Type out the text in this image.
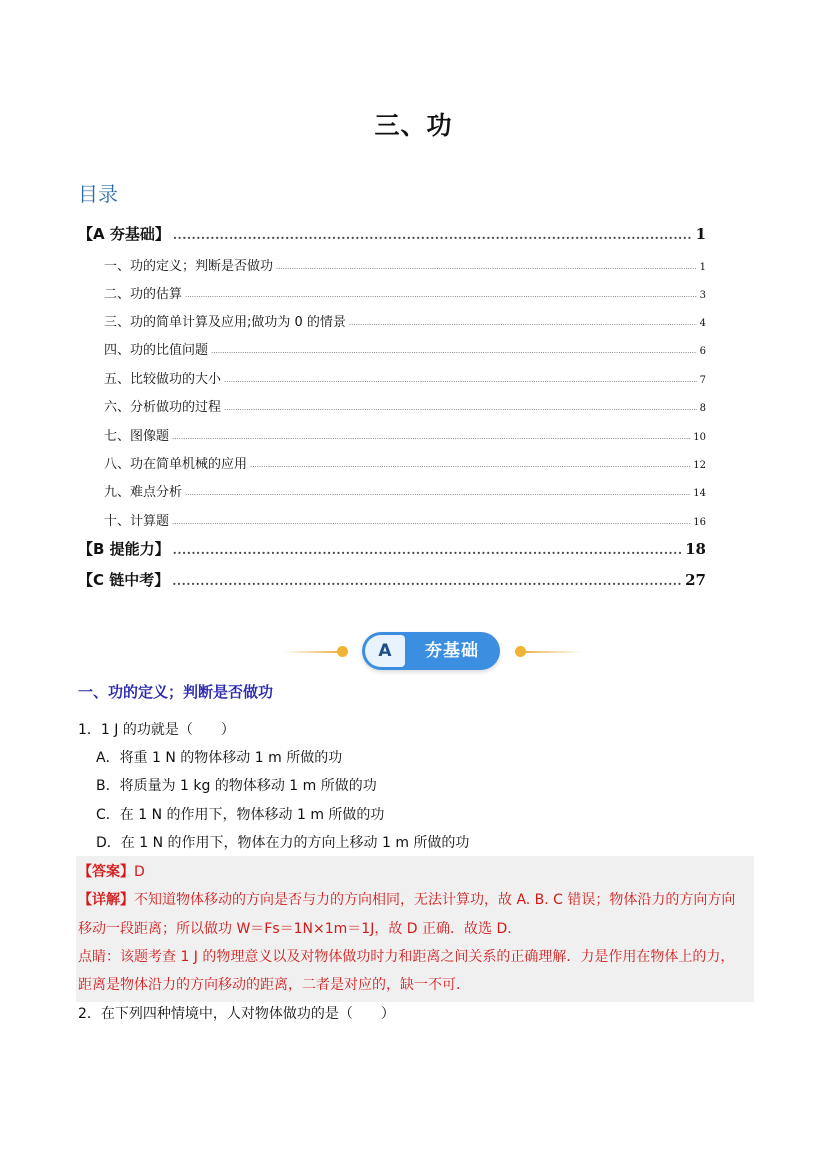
三、功
目录
【A 夯基础】 .....	1
一、功的定义；判断是否做功 .....	1
二、功的估算 .....	3
三、功的简单计算及应用;做功为 0 的情景 .....	4
四、功的比值问题 .....	6
五、比较做功的大小 .....	7
六、分析做功的过程 .....	8
七、图像题 .....	10
八、功在简单机械的应用 .....	12
九、难点分析 .....	14
十、计算题 .....	16
【B 提能力】 .....	18
【C 链中考】 .....	27
A	夯基础
一、功的定义；判断是否做功
1．1 J 的功就是（　　）
A．将重 1 N 的物体移动 1 m 所做的功
B．将质量为 1 kg 的物体移动 1 m 所做的功
C．在 1 N 的作用下，物体移动 1 m 所做的功
D．在 1 N 的作用下，物体在力的方向上移动 1 m 所做的功
【答案】D
【详解】不知道物体移动的方向是否与力的方向相同，无法计算功，故 A. B. C 错误；物体沿力的方向方向
移动一段距离；所以做功 W＝Fs＝1N×1m＝1J，故 D 正确．故选 D.
点睛：该题考查 1 J 的物理意义以及对物体做功时力和距离之间关系的正确理解．力是作用在物体上的力，
距离是物体沿力的方向移动的距离，二者是对应的，缺一不可．
2．在下列四种情境中，人对物体做功的是（　　）
